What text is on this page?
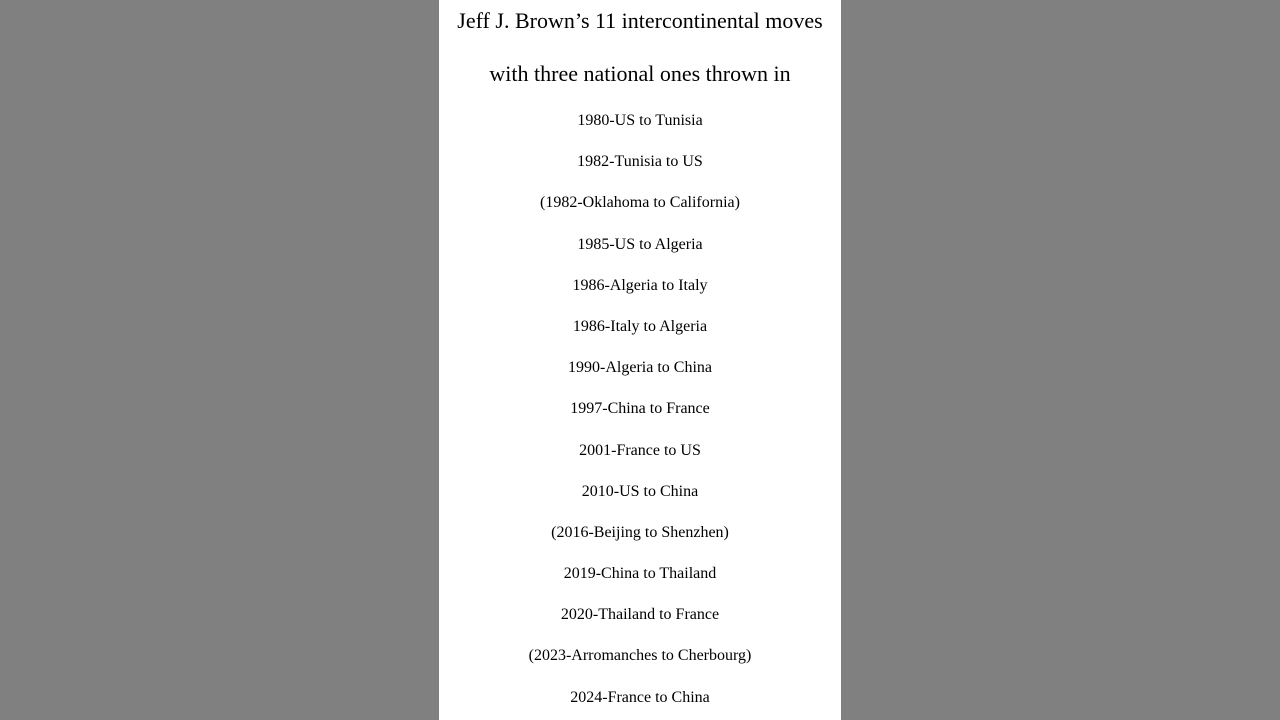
Jeff J. Brown’s 11 intercontinental moves
with three national ones thrown in
1980-US to Tunisia
1982-Tunisia to US
(1982-Oklahoma to California)
1985-US to Algeria
1986-Algeria to Italy
1986-Italy to Algeria
1990-Algeria to China
1997-China to France
2001-France to US
2010-US to China
(2016-Beijing to Shenzhen)
2019-China to Thailand
2020-Thailand to France
(2023-Arromanches to Cherbourg)
2024-France to China
